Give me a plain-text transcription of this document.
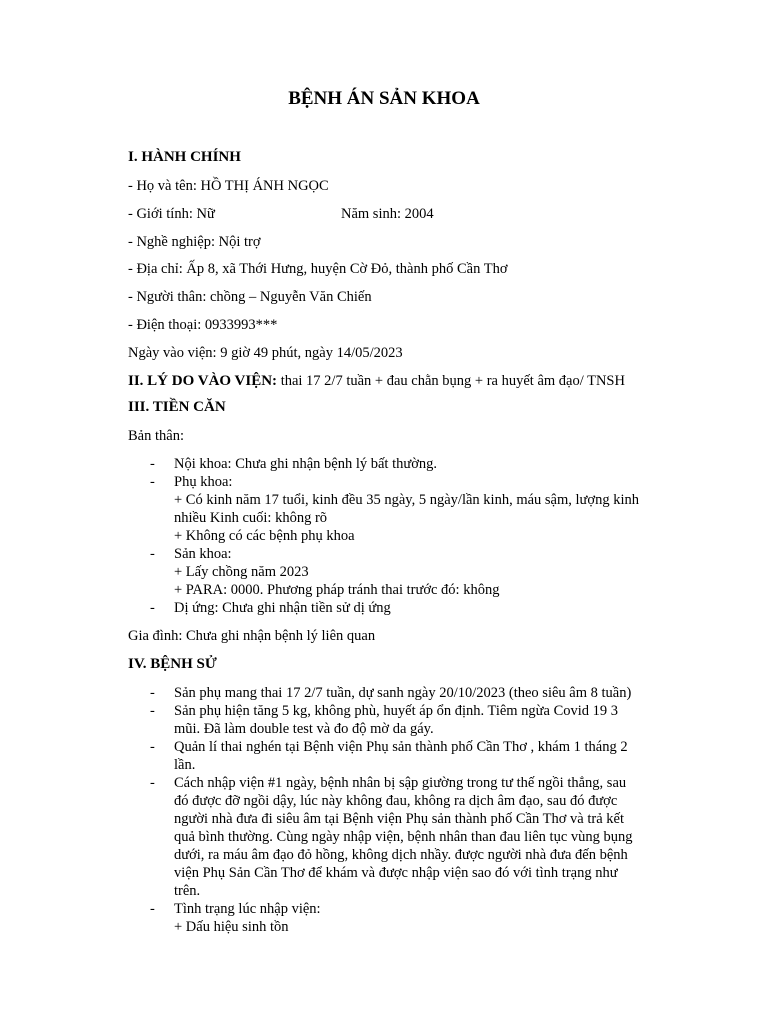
BỆNH ÁN SẢN KHOA
I. HÀNH CHÍNH
- Họ và tên: HỒ THỊ ÁNH NGỌC
- Giới tính: Nữ	Năm sinh: 2004
- Nghề nghiệp: Nội trợ
- Địa chỉ: Ấp 8, xã Thới Hưng, huyện Cờ Đỏ, thành phố Cần Thơ
- Người thân: chồng – Nguyễn Văn Chiến
- Điện thoại: 0933993***
Ngày vào viện: 9 giờ 49 phút, ngày 14/05/2023
II. LÝ DO VÀO VIỆN: thai 17 2/7 tuần + đau chằn bụng + ra huyết âm đạo/ TNSH
III. TIỀN CĂN
Bản thân:
- Nội khoa: Chưa ghi nhận bệnh lý bất thường.
- Phụ khoa:
+ Có kinh năm 17 tuổi, kinh đều 35 ngày, 5 ngày/lần kinh, máu sậm, lượng kinh
nhiều Kinh cuối: không rõ
+ Không có các bệnh phụ khoa
- Sản khoa:
+ Lấy chồng năm 2023
+ PARA: 0000. Phương pháp tránh thai trước đó: không
- Dị ứng: Chưa ghi nhận tiền sử dị ứng
Gia đình: Chưa ghi nhận bệnh lý liên quan
IV. BỆNH SỬ
- Sản phụ mang thai 17 2/7 tuần, dự sanh ngày 20/10/2023 (theo siêu âm 8 tuần)
- Sản phụ hiện tăng 5 kg, không phù, huyết áp ổn định. Tiêm ngừa Covid 19 3
mũi. Đã làm double test và đo độ mờ da gáy.
- Quản lí thai nghén tại Bệnh viện Phụ sản thành phố Cần Thơ , khám 1 tháng 2
lần.
- Cách nhập viện #1 ngày, bệnh nhân bị sập giường trong tư thế ngồi thẳng, sau
đó được đỡ ngồi dậy, lúc này không đau, không ra dịch âm đạo, sau đó được
người nhà đưa đi siêu âm tại Bệnh viện Phụ sản thành phố Cần Thơ và trả kết
quả bình thường. Cùng ngày nhập viện, bệnh nhân than đau liên tục vùng bụng
dưới, ra máu âm đạo đỏ hồng, không dịch nhầy. được người nhà đưa đến bệnh
viện Phụ Sản Cần Thơ để khám và được nhập viện sao đó với tình trạng như
trên.
- Tình trạng lúc nhập viện:
+ Dấu hiệu sinh tồn
